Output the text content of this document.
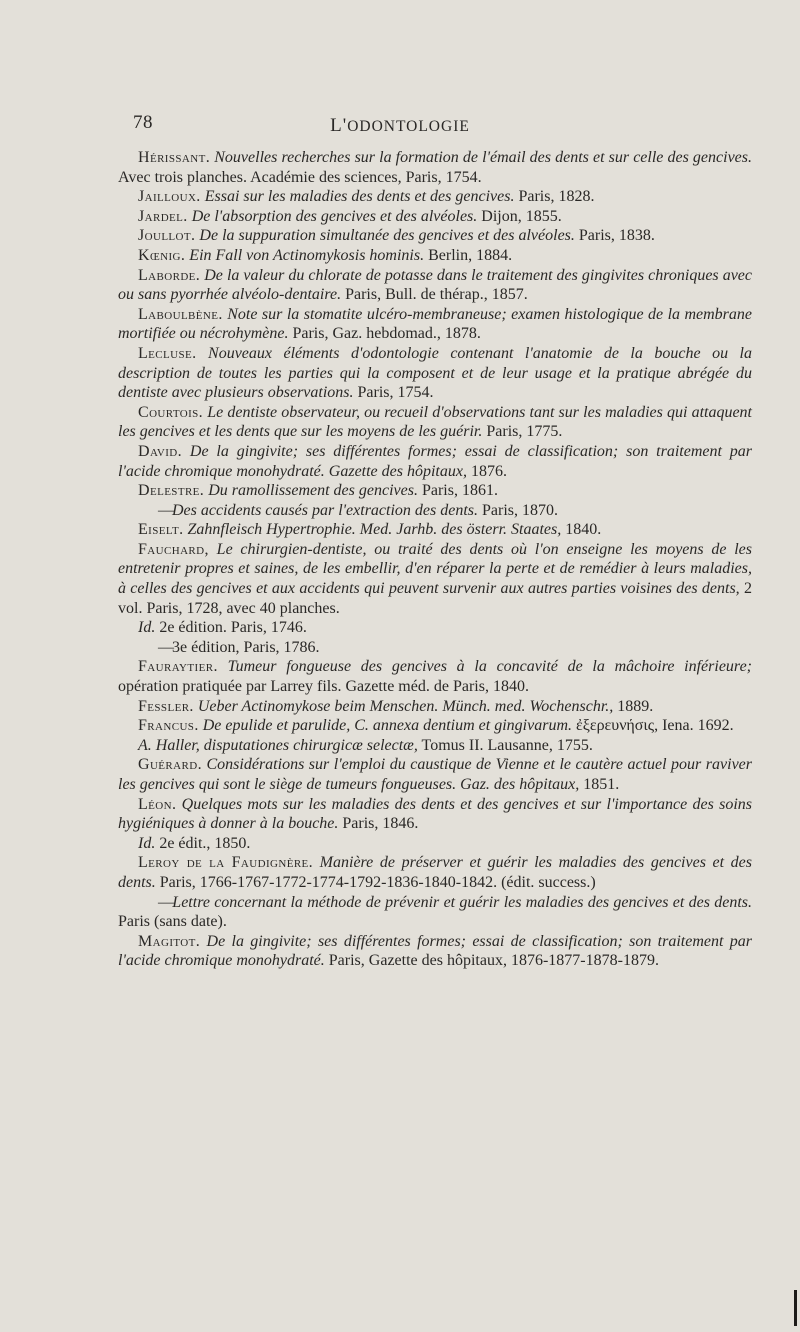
78	L'ODONTOLOGIE

Hérissant. Nouvelles recherches sur la formation de l'émail des dents et sur celle des gencives. Avec trois planches. Académie des sciences, Paris, 1754.

Jailloux. Essai sur les maladies des dents et des gencives. Paris, 1828.

Jardel. De l'absorption des gencives et des alvéoles. Dijon, 1855.

Joullot. De la suppuration simultanée des gencives et des alvéoles. Paris, 1838.

Kœnig. Ein Fall von Actinomykosis hominis. Berlin, 1884.

Laborde. De la valeur du chlorate de potasse dans le traitement des gingivites chroniques avec ou sans pyorrhée alvéolo-dentaire. Paris, Bull. de thérap., 1857.

Laboulbène. Note sur la stomatite ulcéro-membraneuse; examen histologique de la membrane mortifiée ou nécrohymène. Paris, Gaz. hebdomad., 1878.

Lecluse. Nouveaux éléments d'odontologie contenant l'anatomie de la bouche ou la description de toutes les parties qui la composent et de leur usage et la pratique abrégée du dentiste avec plusieurs observations. Paris, 1754.

Courtois. Le dentiste observateur, ou recueil d'observations tant sur les maladies qui attaquent les gencives et les dents que sur les moyens de les guérir. Paris, 1775.

David. De la gingivite; ses différentes formes; essai de classification; son traitement par l'acide chromique monohydraté. Gazette des hôpitaux, 1876.

Delestre. Du ramollissement des gencives. Paris, 1861.

— Des accidents causés par l'extraction des dents. Paris, 1870.

Eiselt. Zahnfleisch Hypertrophie. Med. Jarhb. des österr. Staates, 1840.

Fauchard, Le chirurgien-dentiste, ou traité des dents où l'on enseigne les moyens de les entretenir propres et saines, de les embellir, d'en réparer la perte et de remédier à leurs maladies, à celles des gencives et aux accidents qui peuvent survenir aux autres parties voisines des dents, 2 vol. Paris, 1728, avec 40 planches.

Id. 2e édition. Paris, 1746.

— 3e édition, Paris, 1786.

Fauraytier. Tumeur fongueuse des gencives à la concavité de la mâchoire inférieure; opération pratiquée par Larrey fils. Gazette méd. de Paris, 1840.

Fessler. Ueber Actinomykose beim Menschen. Münch. med. Wochenschr., 1889.

Francus. De epulide et parulide, C. annexa dentium et gingivarum. ἐξερευνήσις, Iena. 1692.

A. Haller, disputationes chirurgicæ selectæ, Tomus II. Lausanne, 1755.

Guérard. Considérations sur l'emploi du caustique de Vienne et le cautère actuel pour raviver les gencives qui sont le siège de tumeurs fongueuses. Gaz. des hôpitaux, 1851.

Léon. Quelques mots sur les maladies des dents et des gencives et sur l'importance des soins hygiéniques à donner à la bouche. Paris, 1846.

Id. 2e édit., 1850.

Leroy de la Faudignère. Manière de préserver et guérir les maladies des gencives et des dents. Paris, 1766-1767-1772-1774-1792-1836-1840-1842. (édit. success.)

— Lettre concernant la méthode de prévenir et guérir les maladies des gencives et des dents. Paris (sans date).

Magitot. De la gingivite; ses différentes formes; essai de classification; son traitement par l'acide chromique monohydraté. Paris, Gazette des hôpitaux, 1876-1877-1878-1879.
